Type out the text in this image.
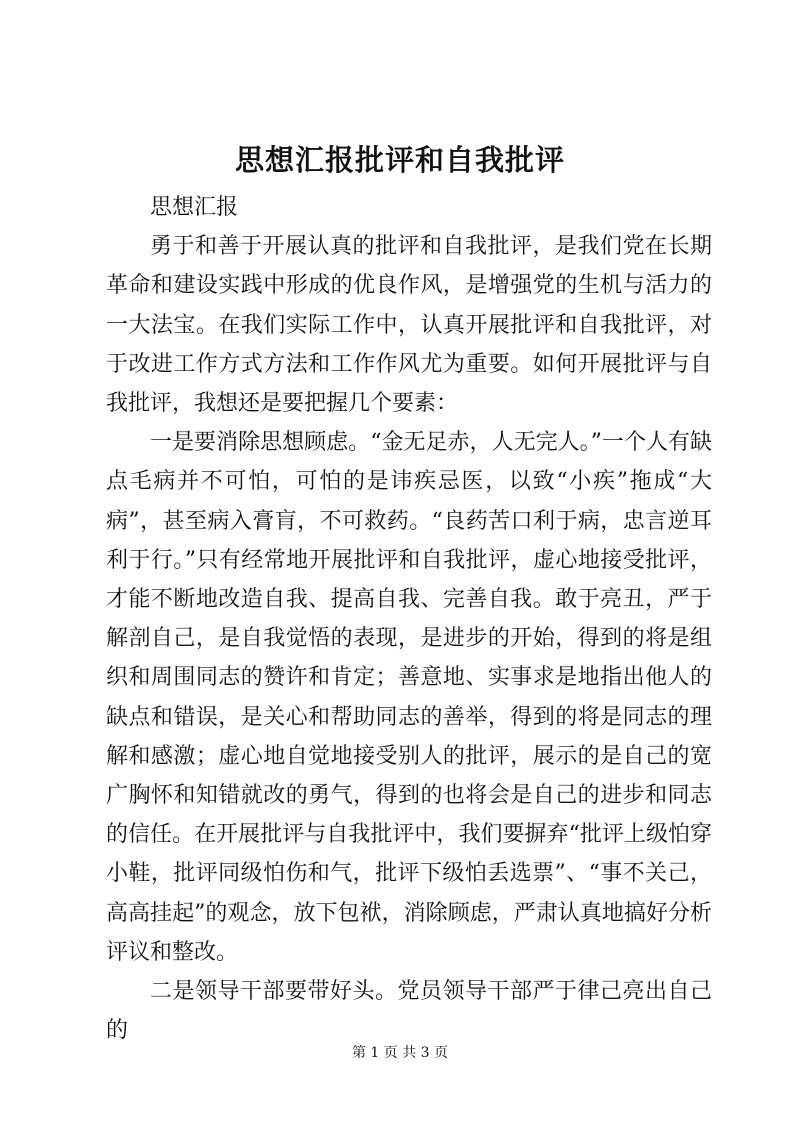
思想汇报批评和自我批评

思想汇报

勇于和善于开展认真的批评和自我批评，是我们党在长期革命和建设实践中形成的优良作风，是增强党的生机与活力的一大法宝。在我们实际工作中，认真开展批评和自我批评，对于改进工作方式方法和工作作风尤为重要。如何开展批评与自我批评，我想还是要把握几个要素：

一是要消除思想顾虑。“金无足赤，人无完人。”一个人有缺点毛病并不可怕，可怕的是讳疾忌医，以致“小疾”拖成“大病”，甚至病入膏肓，不可救药。“良药苦口利于病，忠言逆耳利于行。”只有经常地开展批评和自我批评，虚心地接受批评，才能不断地改造自我、提高自我、完善自我。敢于亮丑，严于解剖自己，是自我觉悟的表现，是进步的开始，得到的将是组织和周围同志的赞许和肯定；善意地、实事求是地指出他人的缺点和错误，是关心和帮助同志的善举，得到的将是同志的理解和感激；虚心地自觉地接受别人的批评，展示的是自己的宽广胸怀和知错就改的勇气，得到的也将会是自己的进步和同志的信任。在开展批评与自我批评中，我们要摒弃“批评上级怕穿小鞋，批评同级怕伤和气，批评下级怕丢选票”、“事不关己，高高挂起”的观念，放下包袱，消除顾虑，严肃认真地搞好分析评议和整改。

二是领导干部要带好头。党员领导干部严于律己亮出自己的

第 1 页 共 3 页
